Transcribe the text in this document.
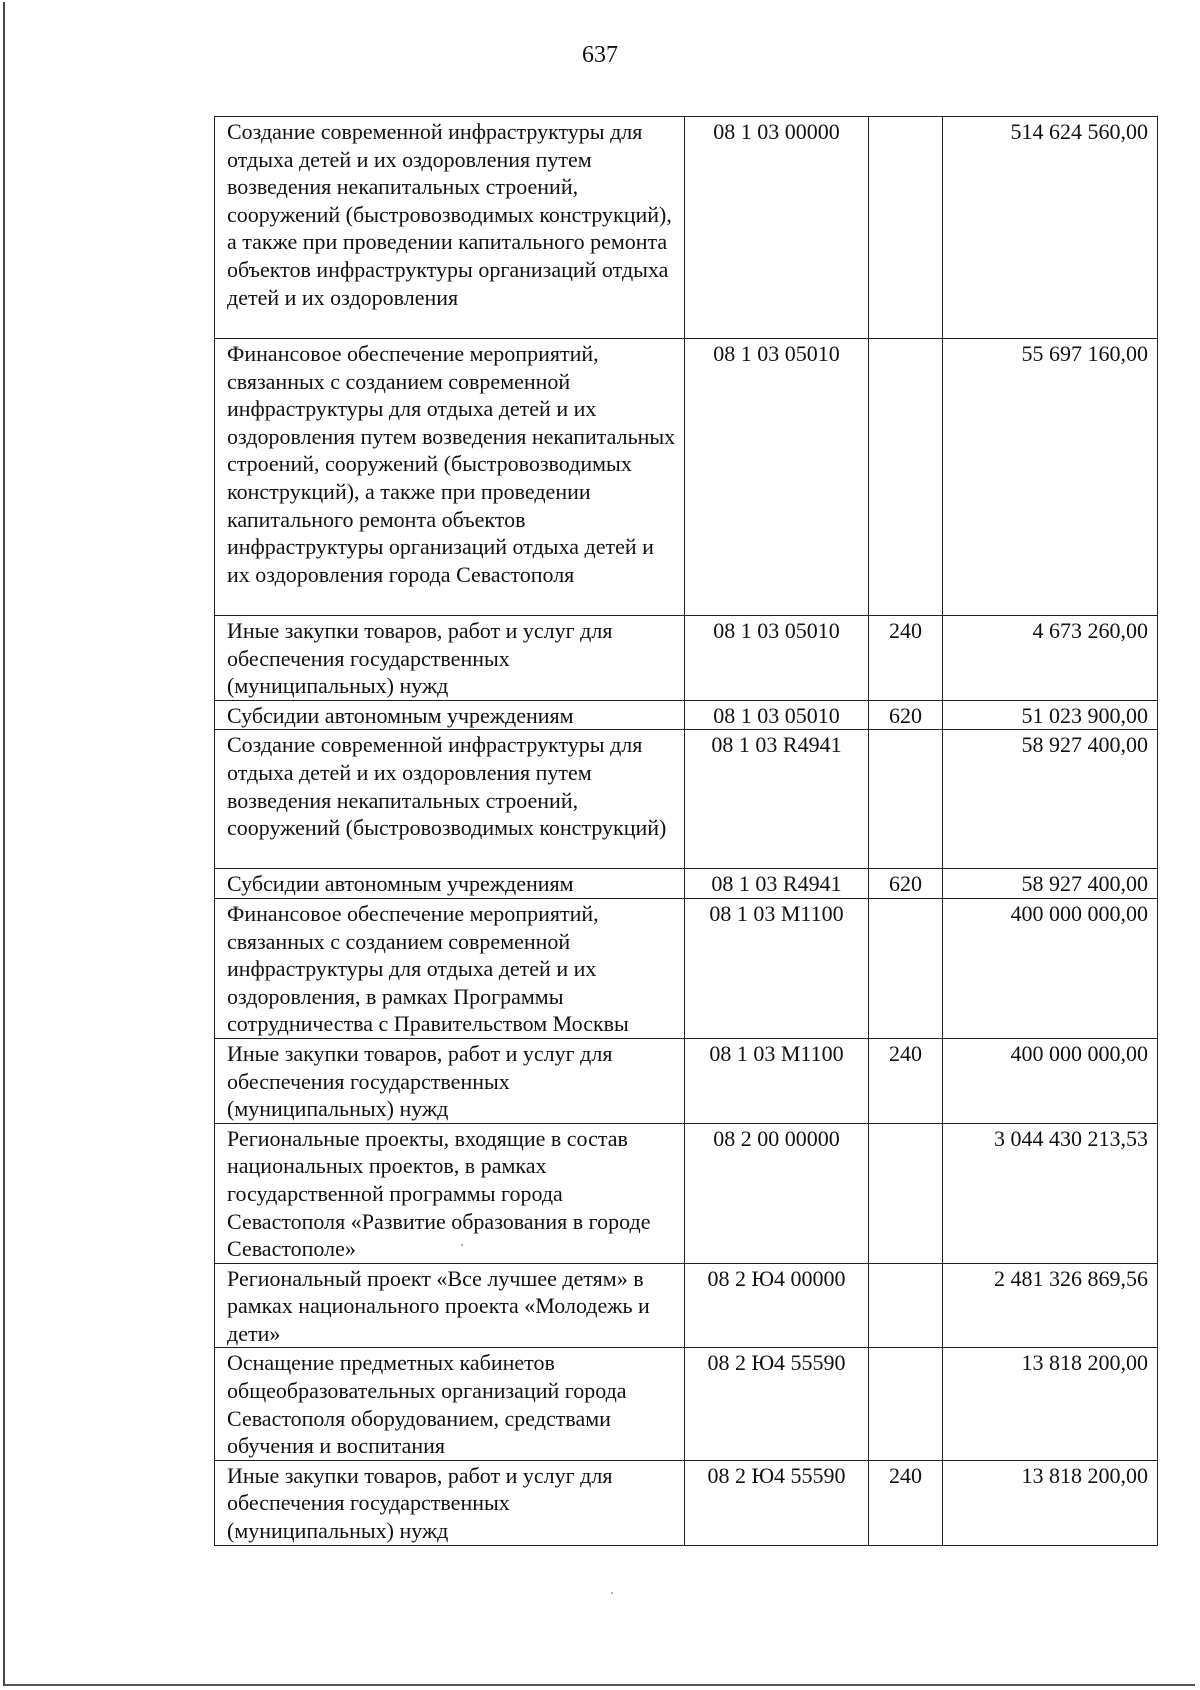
637
Создание современной инфраструктуры для отдыха детей и их оздоровления путем возведения некапитальных строений, сооружений (быстровозводимых конструкций), а также при проведении капитального ремонта объектов инфраструктуры организаций отдыха детей и их оздоровления	08 1 03 00000		514 624 560,00
Финансовое обеспечение мероприятий, связанных с созданием современной инфраструктуры для отдыха детей и их оздоровления путем возведения некапитальных строений, сооружений (быстровозводимых конструкций), а также при проведении капитального ремонта объектов инфраструктуры организаций отдыха детей и их оздоровления города Севастополя	08 1 03 05010		55 697 160,00
Иные закупки товаров, работ и услуг для обеспечения государственных (муниципальных) нужд	08 1 03 05010	240	4 673 260,00
Субсидии автономным учреждениям	08 1 03 05010	620	51 023 900,00
Создание современной инфраструктуры для отдыха детей и их оздоровления путем возведения некапитальных строений, сооружений (быстровозводимых конструкций)	08 1 03 R4941		58 927 400,00
Субсидии автономным учреждениям	08 1 03 R4941	620	58 927 400,00
Финансовое обеспечение мероприятий, связанных с созданием современной инфраструктуры для отдыха детей и их оздоровления, в рамках Программы сотрудничества с Правительством Москвы	08 1 03 М1100		400 000 000,00
Иные закупки товаров, работ и услуг для обеспечения государственных (муниципальных) нужд	08 1 03 М1100	240	400 000 000,00
Региональные проекты, входящие в состав национальных проектов, в рамках государственной программы города Севастополя «Развитие образования в городе Севастополе»	08 2 00 00000		3 044 430 213,53
Региональный проект «Все лучшее детям» в рамках национального проекта «Молодежь и дети»	08 2 Ю4 00000		2 481 326 869,56
Оснащение предметных кабинетов общеобразовательных организаций города Севастополя оборудованием, средствами обучения и воспитания	08 2 Ю4 55590		13 818 200,00
Иные закупки товаров, работ и услуг для обеспечения государственных (муниципальных) нужд	08 2 Ю4 55590	240	13 818 200,00
